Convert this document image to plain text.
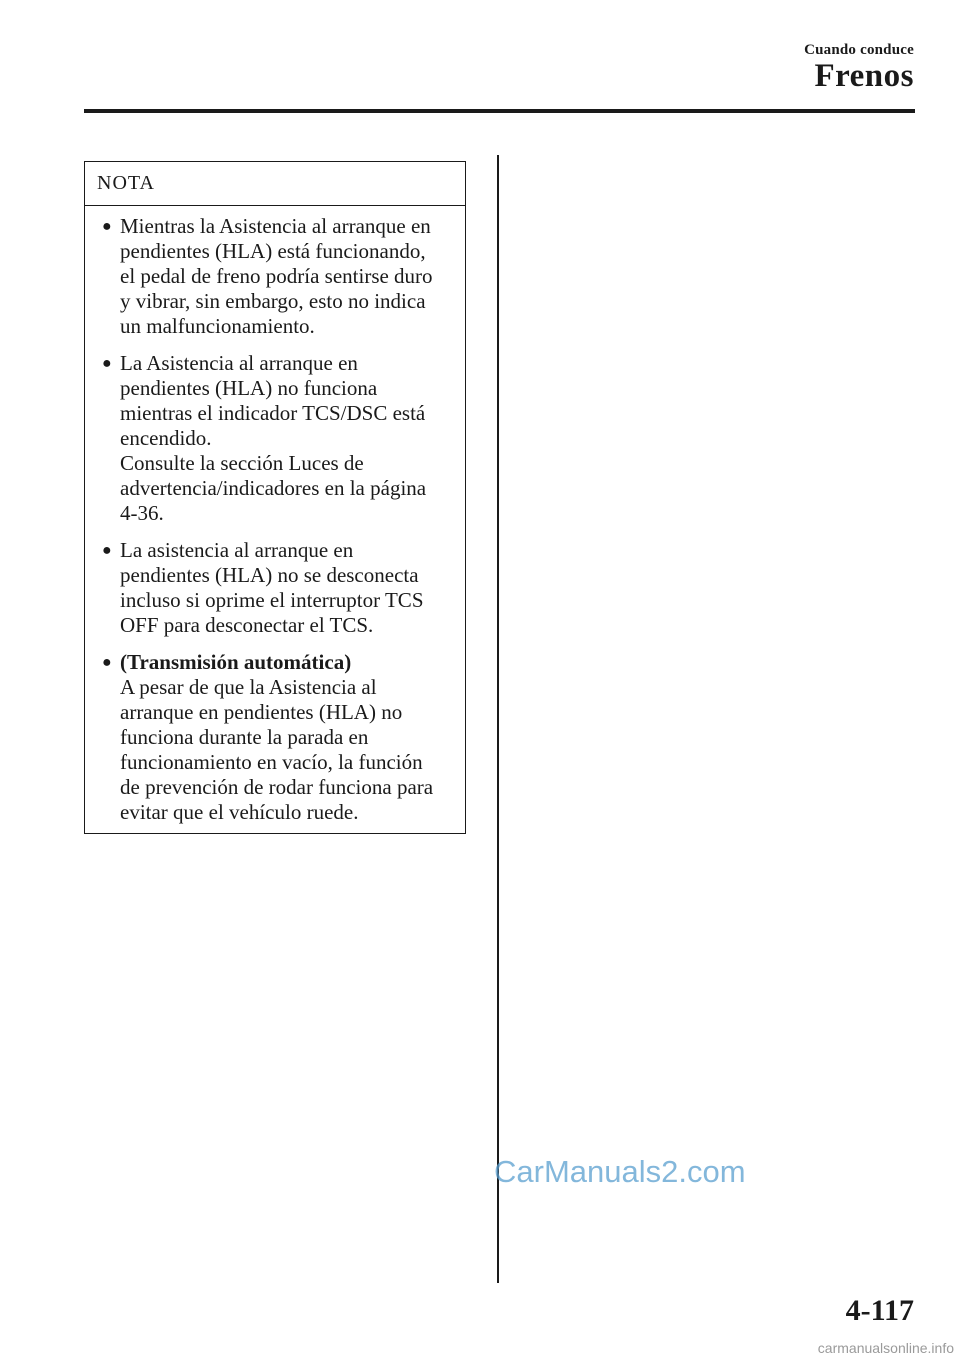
Cuando conduce
Frenos
NOTA
● Mientras la Asistencia al arranque en
pendientes (HLA) está funcionando,
el pedal de freno podría sentirse duro
y vibrar, sin embargo, esto no indica
un malfuncionamiento.
● La Asistencia al arranque en
pendientes (HLA) no funciona
mientras el indicador TCS/DSC está
encendido.
Consulte la sección Luces de
advertencia/indicadores en la página
4-36.
● La asistencia al arranque en
pendientes (HLA) no se desconecta
incluso si oprime el interruptor TCS
OFF para desconectar el TCS.
● (Transmisión automática)
A pesar de que la Asistencia al
arranque en pendientes (HLA) no
funciona durante la parada en
funcionamiento en vacío, la función
de prevención de rodar funciona para
evitar que el vehículo ruede.
CarManuals2.com
4-117
carmanualsonline.info
